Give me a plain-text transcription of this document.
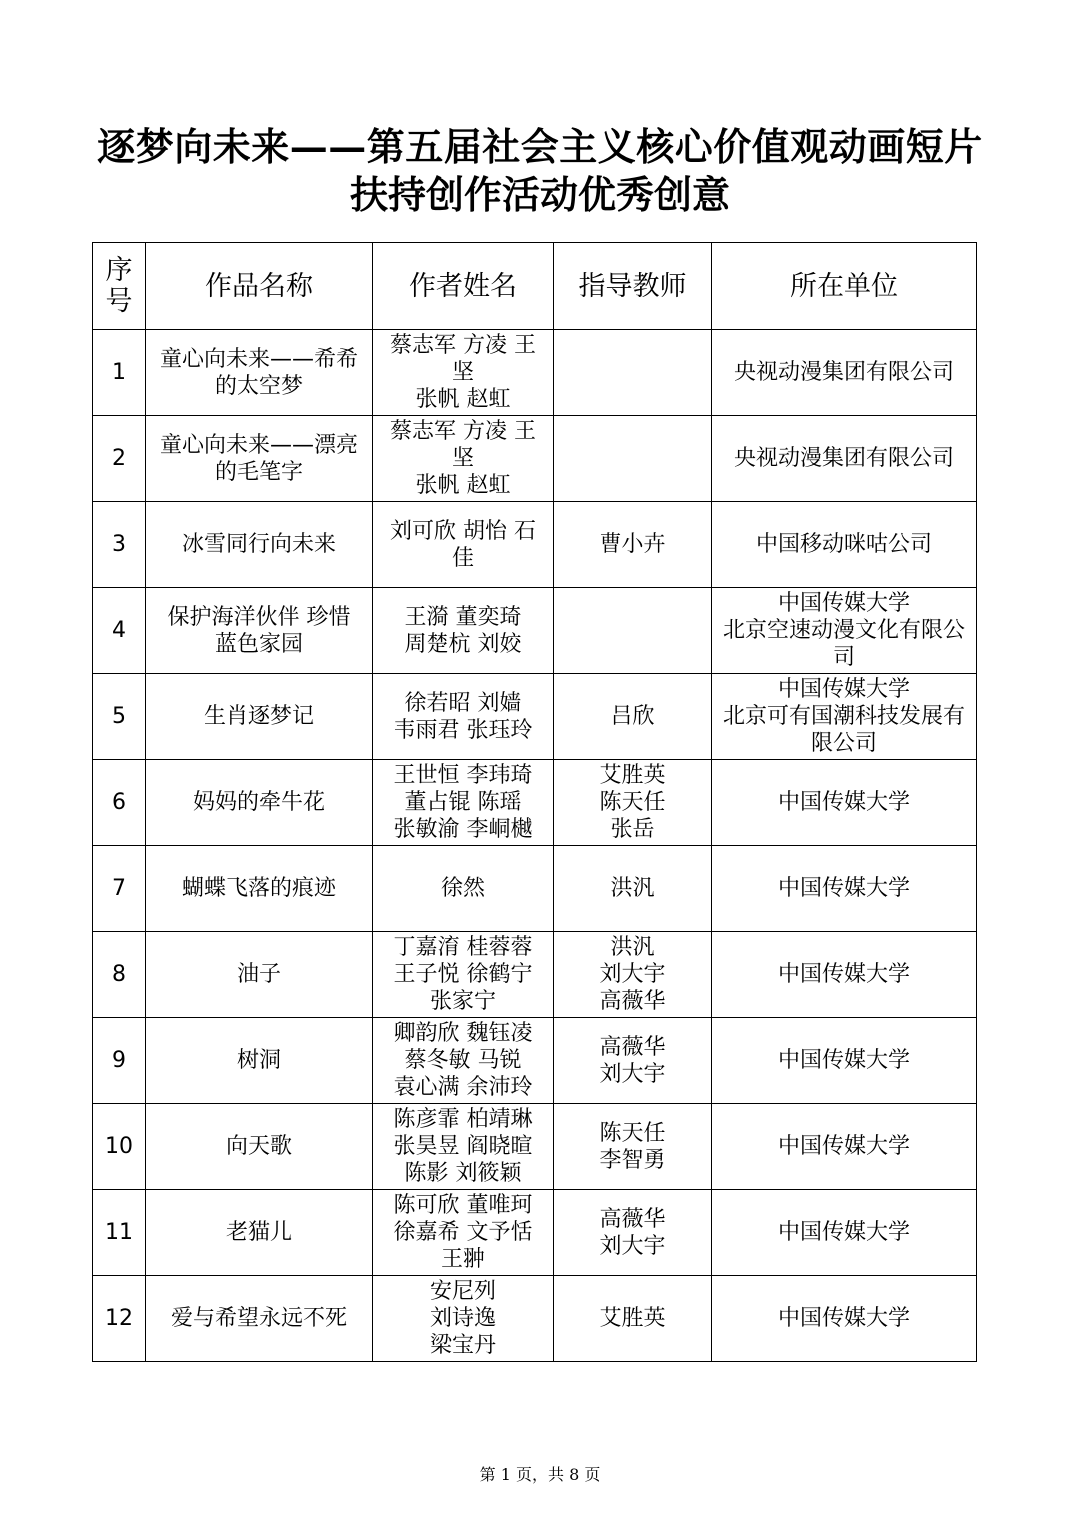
逐梦向未来——第五届社会主义核心价值观动画短片
扶持创作活动优秀创意
序
号	作品名称	作者姓名	指导教师	所在单位
1	童心向未来——希希
的太空梦	蔡志军 方凌 王
坚
张帆 赵虹		央视动漫集团有限公司

2	童心向未来——漂亮
的毛笔字	蔡志军 方凌 王
坚
张帆 赵虹		央视动漫集团有限公司

3	冰雪同行向未来	刘可欣 胡怡 石
佳	曹小卉	中国移动咪咕公司

4	保护海洋伙伴 珍惜
蓝色家园	王漪 董奕琦
周楚杭 刘姣		中国传媒大学
北京空速动漫文化有限公
司

5	生肖逐梦记	徐若昭 刘嫱
韦雨君 张珏玲	吕欣	中国传媒大学
北京可有国潮科技发展有
限公司

6	妈妈的牵牛花	王世恒 李玮琦
董占锟 陈瑶
张敏渝 李峒樾	艾胜英
陈天任
张岳	中国传媒大学

7	蝴蝶飞落的痕迹	徐然	洪汎	中国传媒大学

8	油子	丁嘉淯 桂蓉蓉
王子悦 徐鹤宁
张家宁	洪汎
刘大宇
高薇华	中国传媒大学

9	树洞	卿韵欣 魏钰凌
蔡冬敏 马锐
袁心满 余沛玲	高薇华
刘大宇	中国传媒大学

10	向天歌	陈彦霏 柏靖琳
张昊昱 阎晓暄
陈影 刘筱颖	陈天任
李智勇	中国传媒大学

11	老猫儿	陈可欣 董唯珂
徐嘉希 文予恬
王翀	高薇华
刘大宇	中国传媒大学

12	爱与希望永远不死	安尼列
刘诗逸
梁宝丹	艾胜英	中国传媒大学
第 1 页，共 8 页
